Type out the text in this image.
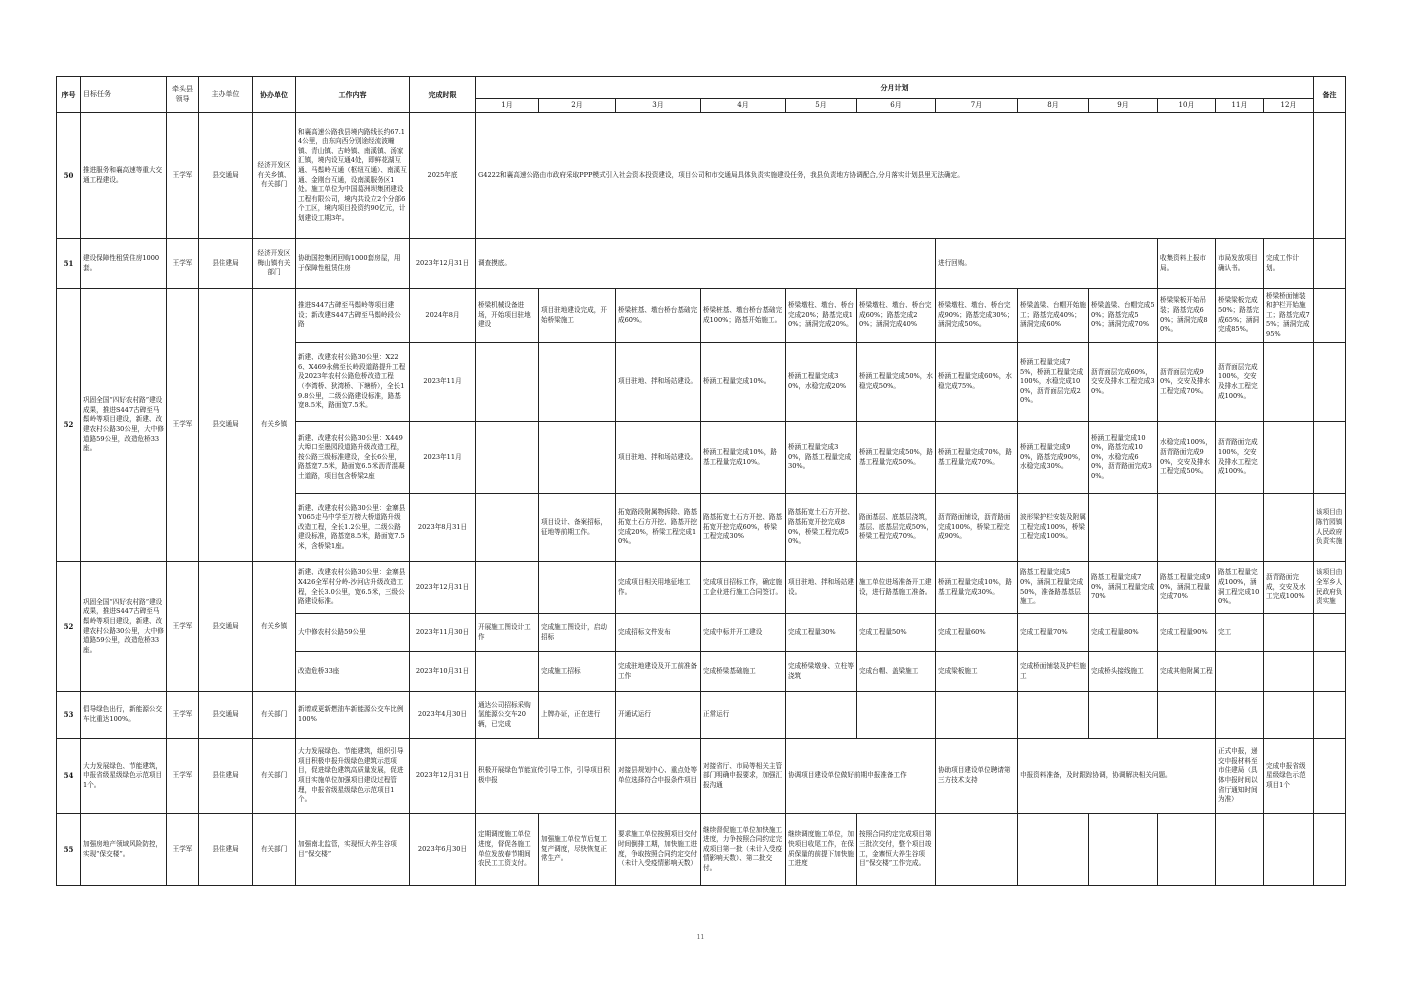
序号	目标任务	牵头县领导	主办单位	协办单位	工作内容	完成时限	分月计划												备注
							1月	2月	3月	4月	5月	6月	7月	8月	9月	10月	11月	12月	
50	推进服务和襄高速等重大交通工程建设。	王学军	县交通局	经济开发区有关乡镇、有关部门	和襄高速公路我县境内路线长约67.14公里，由东向西分别途经流波疃镇、青山镇、古岭镇、南溪镇、汤家汇镇，境内设互通4处，即鲜花湖互通、马鬃岭互通（枢纽互通）、南溪互通、金刚台互通，设南溪服务区1处。施工单位为中国葛洲坝集团建设工程有限公司，境内共设立2个分部6个工区，境内项目投资约90亿元，计划建设工期3年。	2025年底	G4222和襄高速公路由市政府采取PPP模式引入社会资本投资建设，项目公司和市交通局具体负责实施建设任务，我县负责地方协调配合,分月落实计划县里无法确定。												
51	建设保障性租赁住房1000套。	王学军	县住建局	经济开发区梅山镇有关部门	协助国控集团回购1000套房屋，用于保障性租赁住房	2023年12月31日	调查摸底。						进行回购。			收集资料上报市局。	市局发放项目确认书。	完成工作计划。	
52	巩固全国“四好农村路”建设成果，推进S447古碑至马鬃岭等项目建设，新建、改建农村公路30公里，大中修道路59公里，改造危桥33座。	王学军	县交通局	有关乡镇	推进S447古碑至马鬃岭等项目建设；新改建S447古碑至马鬃岭段公路	2024年8月	桥梁机械设备进场，开始项目驻地建设	项目驻地建设完成，开始桥梁施工	桥梁桩基、墩台桥台基础完成60%。	桥梁桩基、墩台桥台基础完成100%；路基开始施工。	桥梁墩柱、墩台、桥台完成20%；路基完成10%；涵洞完成20%。	桥梁墩柱、墩台、桥台完成60%；路基完成20%；涵洞完成40%	桥梁墩柱、墩台、桥台完成90%；路基完成30%；涵洞完成50%。	桥梁盖梁、台帽开始施工；路基完成40%；涵洞完成60%	桥梁盖梁、台帽完成50%；路基完成50%；涵洞完成70%	桥梁梁板开始吊装；路基完成60%；涵洞完成80%。	桥梁梁板完成50%；路基完成65%；涵洞完成85%。	桥梁桥面铺装和护栏开始施工；路基完成75%；涵洞完成95%	
					新建、改建农村公路30公里：X226、X469永佛至长岭段道路提升工程及2023年农村公路危桥改造工程（李湾桥、狄湾桥、下塘桥），全长19.8公里，二级公路建设标准，路基宽8.5米，路面宽7.5米。	2023年11月			项目驻地、拌和场站建设。	桥涵工程量完成10%。	桥涵工程量完成30%，水稳完成20%	桥涵工程量完成50%，水稳完成50%。	桥涵工程量完成60%，水稳完成75%。	桥涵工程量完成75%，桥涵工程量完成100%，水稳完成100%，沥青面层完成20%。	沥青面层完成60%，交安及排水工程完成30%。	沥青面层完成90%，交安及排水工程完成70%。	沥青面层完成100%，交安及排水工程完成100%。		
					新建、改建农村公路30公里：X449大埠口至墨园段道路升级改造工程，按公路三级标准建设，全长6公里，路基宽7.5米，路面宽6.5米沥青混凝土道路，项目包含桥梁2座	2023年11月			项目驻地、拌和场站建设。	桥涵工程量完成10%，路基工程量完成10%。	桥涵工程量完成30%，路基工程量完成30%。	桥涵工程量完成50%，路基工程量完成50%。	桥涵工程量完成70%，路基工程量完成70%。	桥涵工程量完成90%，路基完成90%，水稳完成30%。	桥涵工程量完成100%，路基完成100%，水稳完成60%，沥青路面完成30%。	水稳完成100%，沥青路面完成90%，交安及排水工程完成50%。	沥青路面完成100%，交安及排水工程完成100%。		
					新建、改建农村公路30公里：金寨县Y065走马中学至万榜大桥道路升级改造工程，全长1.2公里，二级公路建设标准，路基宽8.5米，路面宽7.5米，含桥梁1座。	2023年8月31日		项目设计、备案招标，征地等前期工作。	拓宽路段附属物拆除、路基拓宽土石方开挖、路基开挖完成20%，桥梁工程完成10%。	路基拓宽土石方开挖、路基拓宽开挖完成60%，桥梁工程完成30%	路基拓宽土石方开挖、路基拓宽开挖完成80%，桥梁工程完成50%。	路面基层、底基层浇筑，基层、底基层完成50%，桥梁工程完成70%。	沥青路面铺设，沥青路面完成100%，桥梁工程完成90%。	波形梁护栏安装及附属工程完成100%，桥梁工程完成100%。					该项目由陈竹园镇人民政府负责实施
52	巩固全国“四好农村路”建设成果，推进S447古碑至马鬃岭等项目建设，新建、改建农村公路30公里，大中修道路59公里，改造危桥33座。	王学军	县交通局	有关乡镇	新建、改建农村公路30公里：金寨县X426全军村分岭-沙河店升级改造工程，全长3.0公里，宽6.5米，三级公路建设标准。	2023年12月31日			完成项目相关用地征地工作。	完成项目招标工作，确定施工企业进行施工合同签订。	项目驻地、拌和场站建设。	施工单位进场准备开工建设，进行路基施工准备。	桥涵工程量完成10%，路基工程量完成30%。	路基工程量完成50%，涵洞工程量完成50%，准备路基基层施工。	路基工程量完成70%，涵洞工程量完成70%	路基工程量完成90%，涵洞工程量完成70%	路基工程量完成100%，涵洞工程完成100%。	沥青路面完成，交安及水工完成100%	该项目由全军乡人民政府负责实施
					大中修农村公路59公里	2023年11月30日	开展施工图设计工作	完成施工图设计，启动招标	完成招标文件发布	完成中标并开工建设	完成工程量30%	完成工程量50%	完成工程量60%	完成工程量70%	完成工程量80%	完成工程量90%	完工		
					改造危桥33座	2023年10月31日		完成施工招标	完成驻地建设及开工前准备工作	完成桥梁基础施工	完成桥梁墩身、立柱等浇筑	完成台帽、盖梁施工	完成梁板施工	完成桥面铺装及护栏施工	完成桥头接线施工	完成其他附属工程			
53	倡导绿色出行，新能源公交车比重达100%。	王学军	县交通局	有关部门	新增或更新燃油车新能源公交车比例100%	2023年4月30日	通达公司招标采购氢能源公交车20辆，已完成	上牌办证，正在进行	开通试运行	正常运行									
54	大力发展绿色、节能建筑，申报省级星级绿色示范项目1个。	王学军	县住建局	有关部门	大力发展绿色、节能建筑，组织引导项目积极申报升级绿色建筑示范项目，促进绿色建筑高质量发展，促进项目实施单位加强项目建设过程管理，申报省级星级绿色示范项目1个。	2023年12月31日	积极开展绿色节能宣传引导工作，引导项目积极申报		对接县规划中心、重点处等单位选择符合申报条件项目	对接省厅、市局等相关主管部门明确申报要求，加强汇报沟通	协调项目建设单位做好前期申报准备工作		协助项目建设单位聘请第三方技术支持	申报资料准备，及时跟踪协调，协调解决相关问题。			正式申报，递交申报材料至市住建局（具体申报时间以省厅通知时间为准）	完成申报省级星级绿色示范项目1个	
55	加强房地产领域风险防控，实现“保交楼”。	王学军	县住建局	有关部门	加强南北监管，实现恒大养生谷项目“保交楼”	2023年6月30日	定期调度施工单位进度，督促各施工单位发放春节期间农民工工资支付。	加强施工单位节后复工复产调度，尽快恢复正常生产。	要求施工单位按照项目交付时间倒排工期，加快施工进度，争取按照合同约定交付（未计入受疫情影响天数）	继续督促施工单位加快施工进度，力争按照合同约定完成项目第一批（未计入受疫情影响天数）、第二批交付。	继续调度施工单位，加快项目收尾工作，在保质保量的前提下加快施工进度	按照合同约定完成项目第三批次交付，整个项目竣工，金寨恒大养生谷项目“保交楼”工作完成。							
11
